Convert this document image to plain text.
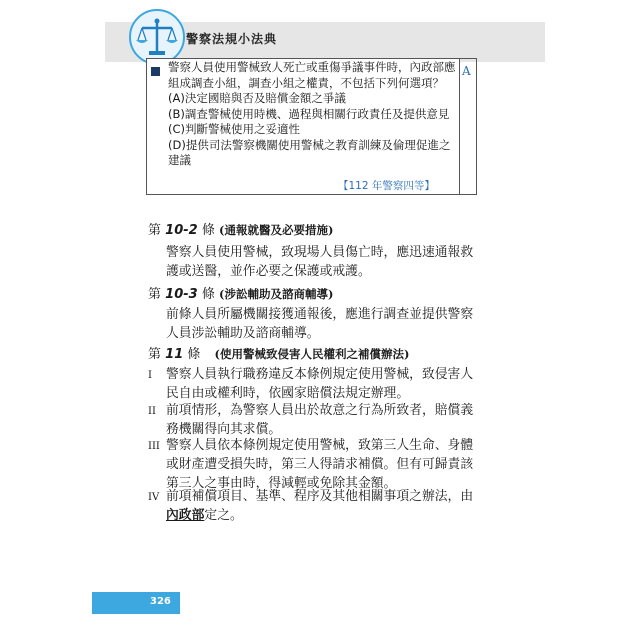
警察法規小法典
A

警察人員使用警械致人死亡或重傷爭議事件時，內政部應組成調查小組，調查小組之權責，不包括下列何選項？

(A)決定國賠與否及賠償金額之爭議
(B)調查警械使用時機、過程與相關行政責任及提供意見
(C)判斷警械使用之妥適性
(D)提供司法警察機關使用警械之教育訓練及倫理促進之建議
【112 年警察四等】
第 10-2 條 (通報就醫及必要措施)
警察人員使用警械，致現場人員傷亡時，應迅速通報救護或送醫，並作必要之保護或戒護。
第 10-3 條 (涉訟輔助及諮商輔導)
前條人員所屬機關接獲通報後，應進行調查並提供警察人員涉訟輔助及諮商輔導。
第 11 條 (使用警械致侵害人民權利之補償辦法)
I 警察人員執行職務違反本條例規定使用警械，致侵害人民自由或權利時，依國家賠償法規定辦理。
II 前項情形，為警察人員出於故意之行為所致者，賠償義務機關得向其求償。
III 警察人員依本條例規定使用警械，致第三人生命、身體或財產遭受損失時，第三人得請求補償。但有可歸責該第三人之事由時，得減輕或免除其金額。
IV 前項補償項目、基準、程序及其他相關事項之辦法，由內政部定之。
326
